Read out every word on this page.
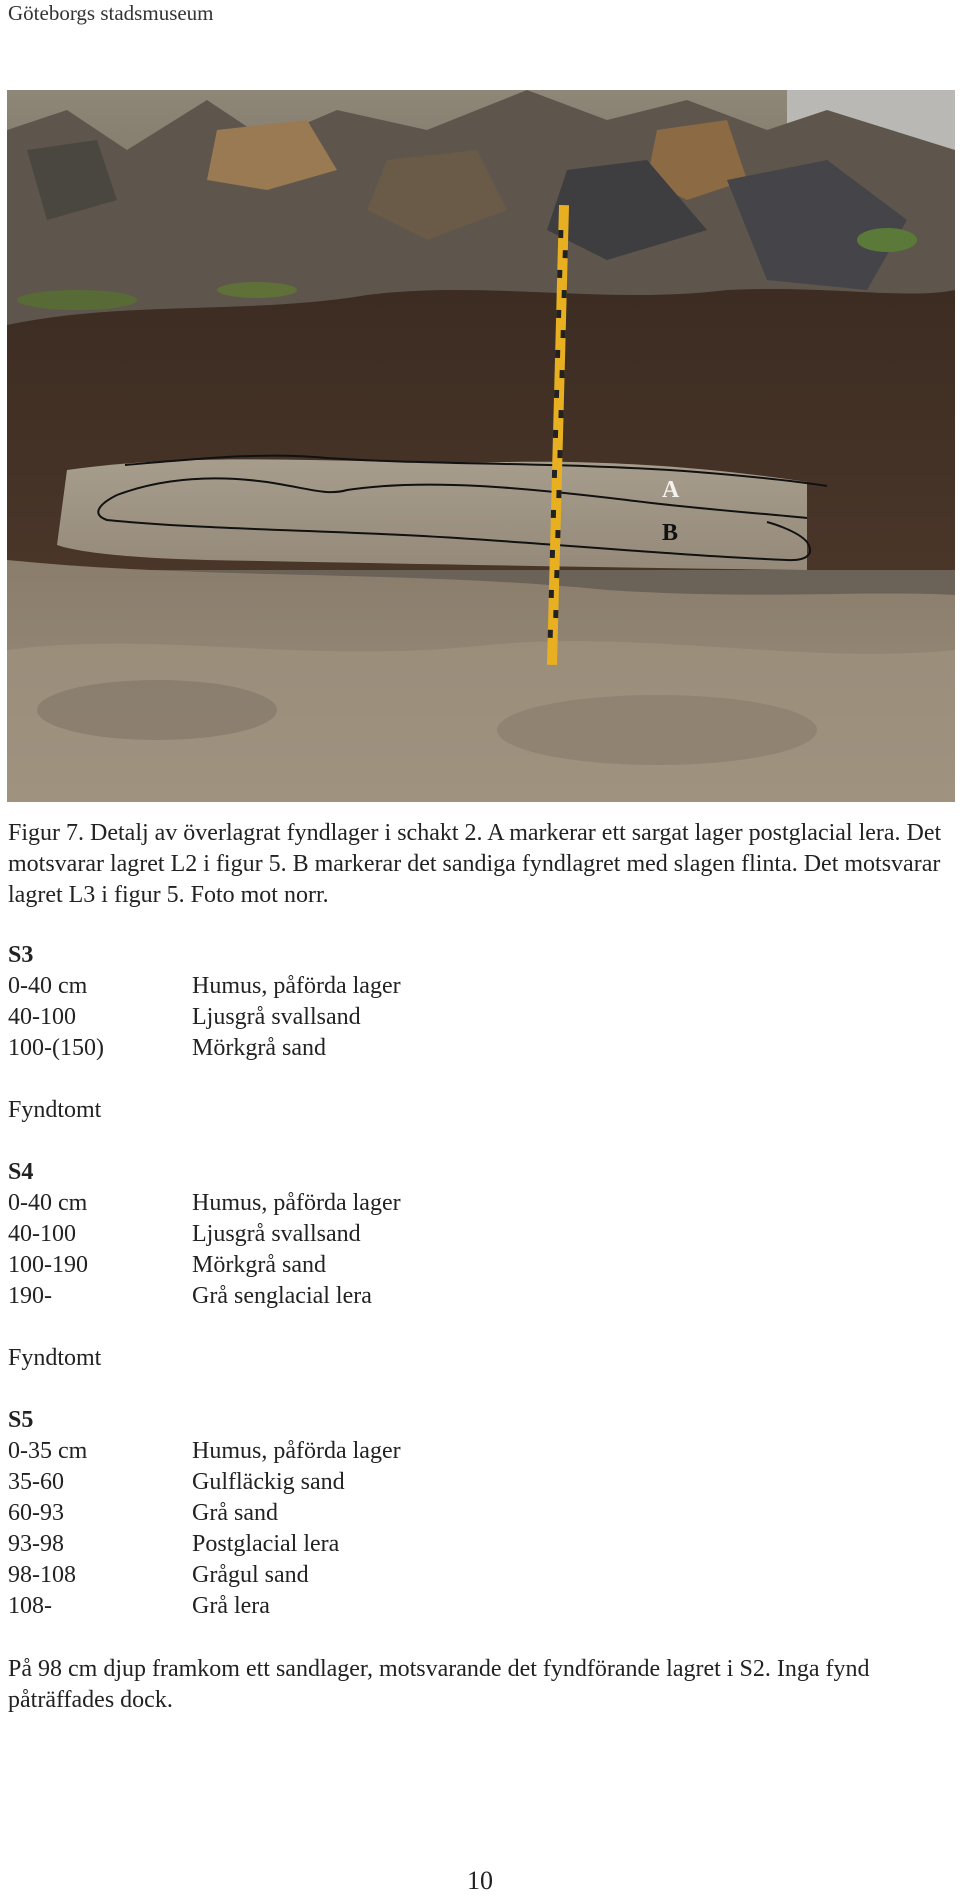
Göteborgs stadsmuseum
A
B
Figur 7. Detalj av överlagrat fyndlager i schakt 2. A markerar ett sargat lager postglacial lera. Det motsvarar lagret L2 i figur 5. B markerar det sandiga fyndlagret med slagen flinta. Det motsvarar lagret L3 i figur 5. Foto mot norr.
S3
0-40 cm	Humus, påförda lager
40-100	Ljusgrå svallsand
100-(150)	Mörkgrå sand
Fyndtomt
S4
0-40 cm	Humus, påförda lager
40-100	Ljusgrå svallsand
100-190	Mörkgrå sand
190-	Grå senglacial lera
Fyndtomt
S5
0-35 cm	Humus, påförda lager
35-60	Gulfläckig sand
60-93	Grå sand
93-98	Postglacial lera
98-108	Grågul sand
108-	Grå lera
På 98 cm djup framkom ett sandlager, motsvarande det fyndförande lagret i S2. Inga fynd påträffades dock.
10
